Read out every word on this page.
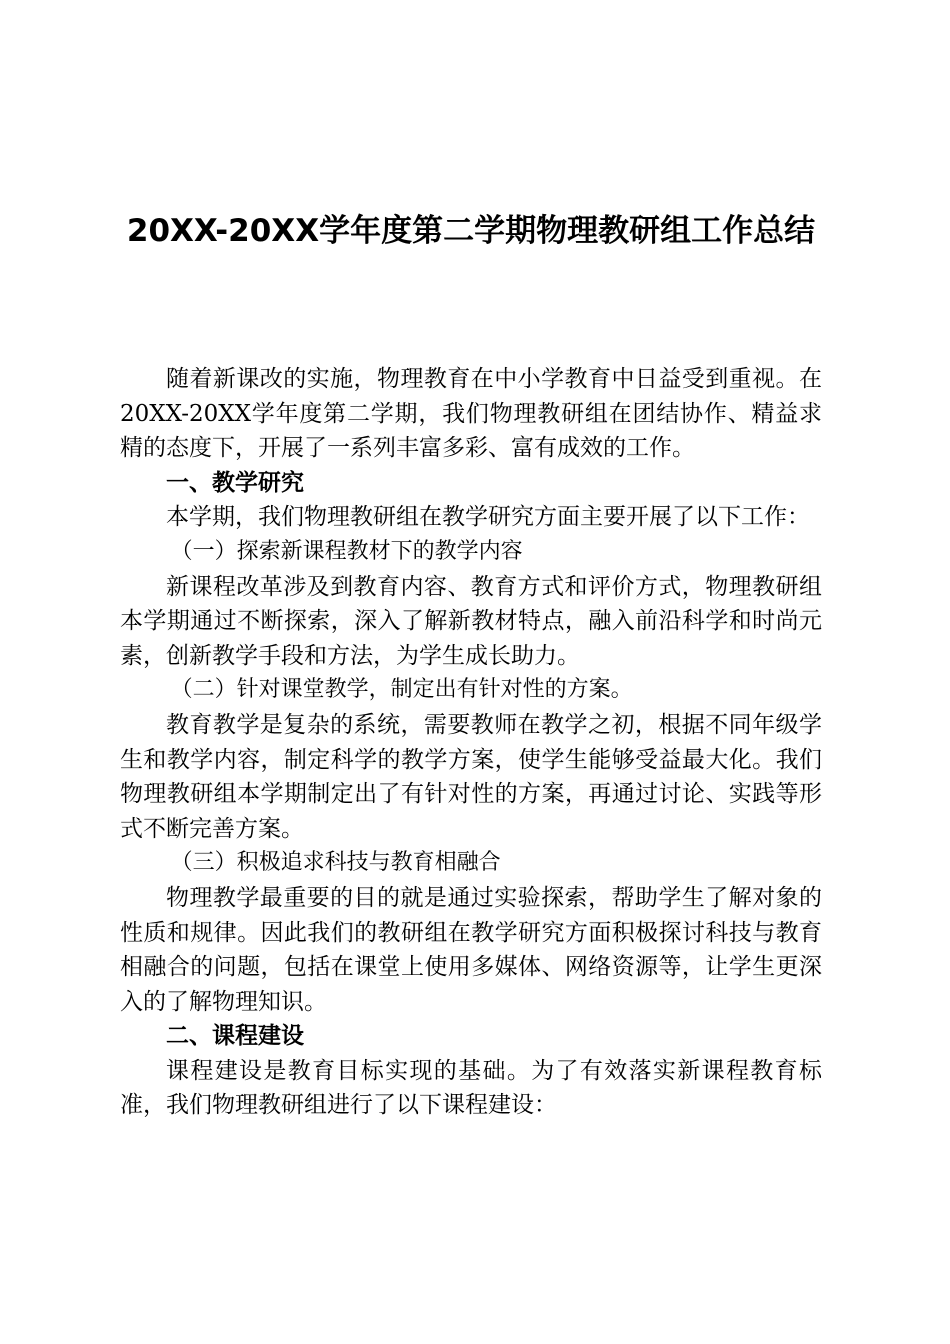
20XX-20XX学年度第二学期物理教研组工作总结

随着新课改的实施，物理教育在中小学教育中日益受到重视。在20XX-20XX学年度第二学期，我们物理教研组在团结协作、精益求精的态度下，开展了一系列丰富多彩、富有成效的工作。

一、教学研究

本学期，我们物理教研组在教学研究方面主要开展了以下工作：

（一）探索新课程教材下的教学内容

新课程改革涉及到教育内容、教育方式和评价方式，物理教研组本学期通过不断探索，深入了解新教材特点，融入前沿科学和时尚元素，创新教学手段和方法，为学生成长助力。

（二）针对课堂教学，制定出有针对性的方案。

教育教学是复杂的系统，需要教师在教学之初，根据不同年级学生和教学内容，制定科学的教学方案，使学生能够受益最大化。我们物理教研组本学期制定出了有针对性的方案，再通过讨论、实践等形式不断完善方案。

（三）积极追求科技与教育相融合

物理教学最重要的目的就是通过实验探索，帮助学生了解对象的性质和规律。因此我们的教研组在教学研究方面积极探讨科技与教育相融合的问题，包括在课堂上使用多媒体、网络资源等，让学生更深入的了解物理知识。

二、课程建设

课程建设是教育目标实现的基础。为了有效落实新课程教育标准，我们物理教研组进行了以下课程建设：
